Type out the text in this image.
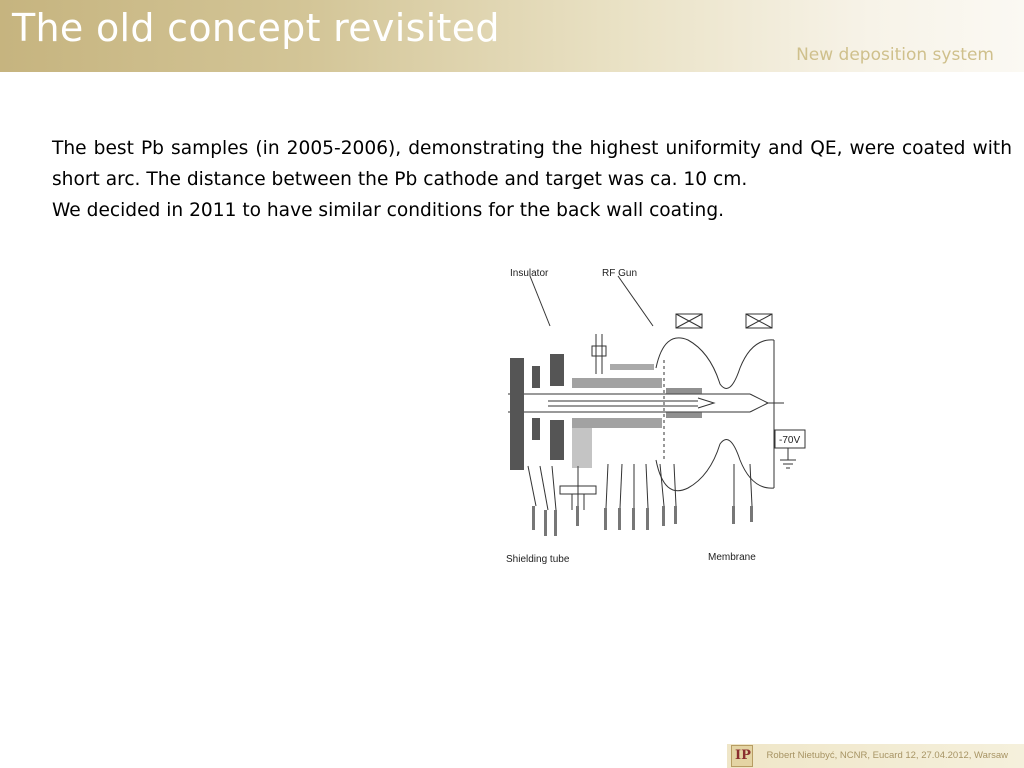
The old concept revisited
New deposition system

The best Pb samples (in 2005-2006), demonstrating the highest uniformity and QE, were coated with short arc. The distance between the Pb cathode and target was ca. 10 cm.

We decided in 2011 to have similar conditions for the back wall coating.

Insulator	RF Gun
-70V
Shielding tube	Membrane
IP Robert Nietubyć, NCNR, Eucard 12, 27.04.2012, Warsaw
